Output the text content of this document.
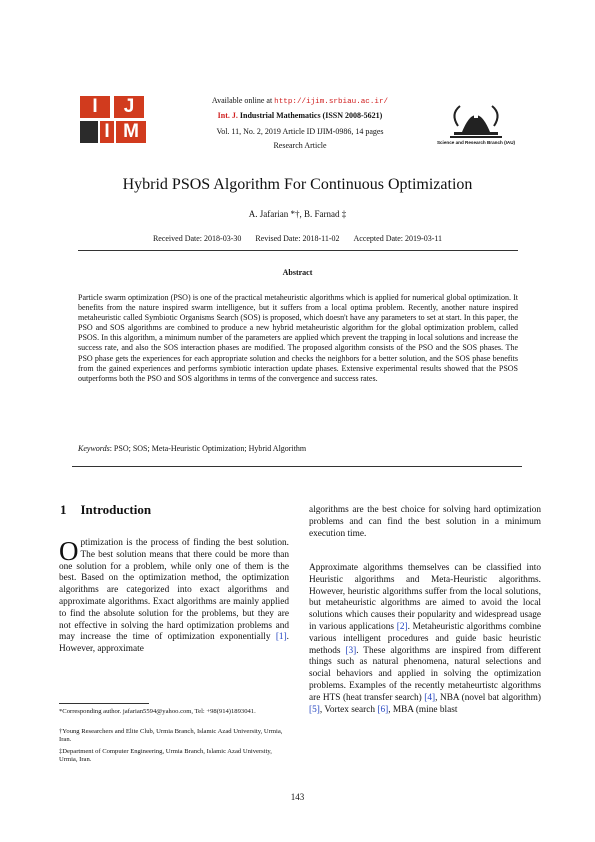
I	J
I M
Available online at http://ijim.srbiau.ac.ir/
Int. J. Industrial Mathematics (ISSN 2008-5621)
Vol. 11, No. 2, 2019 Article ID IJIM-0986, 14 pages
Research Article	Science and Research Branch (IAU)
Hybrid PSOS Algorithm For Continuous Optimization
A. Jafarian *†, B. Farnad ‡
Received Date: 2018-03-30 Revised Date: 2018-11-02 Accepted Date: 2019-03-11
Abstract
Particle swarm optimization (PSO) is one of the practical metaheuristic algorithms which is applied for numerical global optimization. It benefits from the nature inspired swarm intelligence, but it suffers from a local optima problem. Recently, another nature inspired metaheuristic called Symbiotic Organisms Search (SOS) is proposed, which doesn't have any parameters to set at start. In this paper, the PSO and SOS algorithms are combined to produce a new hybrid metaheuristic algorithm for the global optimization problem, called PSOS. In this algorithm, a minimum number of the parameters are applied which prevent the trapping in local solutions and increase the success rate, and also the SOS interaction phases are modified. The proposed algorithm consists of the PSO and the SOS phases. The PSO phase gets the experiences for each appropriate solution and checks the neighbors for a better solution, and the SOS phase benefits from the gained experiences and performs symbiotic interaction update phases. Extensive experimental results showed that the PSOS outperforms both the PSO and SOS algorithms in terms of the convergence and success rates.
Keywords: PSO; SOS; Meta-Heuristic Optimization; Hybrid Algorithm
1 Introduction
Optimization is the process of finding the best solution. The best solution means that there could be more than one solution for a problem, while only one of them is the best. Based on the optimization method, the optimization algorithms are categorized into exact algorithms and approximate algorithms. Exact algorithms are mainly applied to find the absolute solution for the problems, but they are not effective in solving the hard optimization problems and may increase the time of optimization exponentially [1]. However, approximate
*Corresponding author. jafarian5594@yahoo.com, Tel: +98(914)1893041.
†Young Researchers and Elite Club, Urmia Branch, Islamic Azad University, Urmia, Iran.
‡Department of Computer Engineering, Urmia Branch, Islamic Azad University, Urmia, Iran.
algorithms are the best choice for solving hard optimization problems and can find the best solution in a minimum execution time.
Approximate algorithms themselves can be classified into Heuristic algorithms and Meta-Heuristic algorithms. However, heuristic algorithms suffer from the local solutions, but metaheuristic algorithms are aimed to avoid the local solutions which causes their popularity and widespread usage in various applications [2]. Metaheuristic algorithms combine various intelligent procedures and guide basic heuristic methods [3]. These algorithms are inspired from different things such as natural phenomena, natural selections and social behaviors and applied in solving the optimization problems. Examples of the recently metaheurtistc algorithms are HTS (heat transfer search) [4], NBA (novel bat algorithm) [5], Vortex search [6], MBA (mine blast
143
